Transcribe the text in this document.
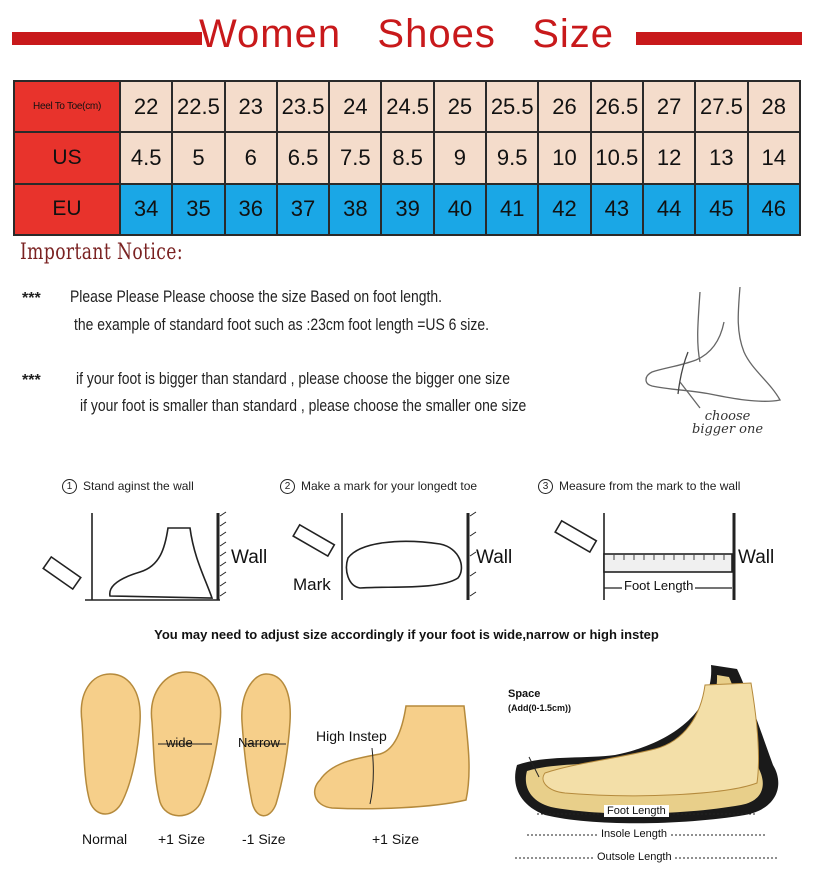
Women   Shoes   Size
Heel To Toe(cm)	22	22.5	23	23.5	24	24.5	25	25.5	26	26.5	27	27.5	28
US	4.5	5	6	6.5	7.5	8.5	9	9.5	10	10.5	12	13	14
EU	34	35	36	37	38	39	40	41	42	43	44	45	46
Important Notice:
*** Please Please Please choose the size Based on foot length.
the example of standard foot such as :23cm foot length =US 6 size.
*** if your foot is bigger than standard , please choose the bigger one size
if your foot is smaller than standard , please choose the smaller one size
choose
bigger one
1 Stand aginst the wall	2 Make a mark for your longedt toe	3 Measure from the mark to the wall
Wall	Wall
Mark
Wall
Foot Length
You may need to adjust size accordingly if your foot is wide,narrow or high instep
wide	Narrow	High Instep
Normal +1 Size	-1 Size	+1 Size
Space
(Add(0-1.5cm))
Foot Length
Insole Length
Outsole Length
